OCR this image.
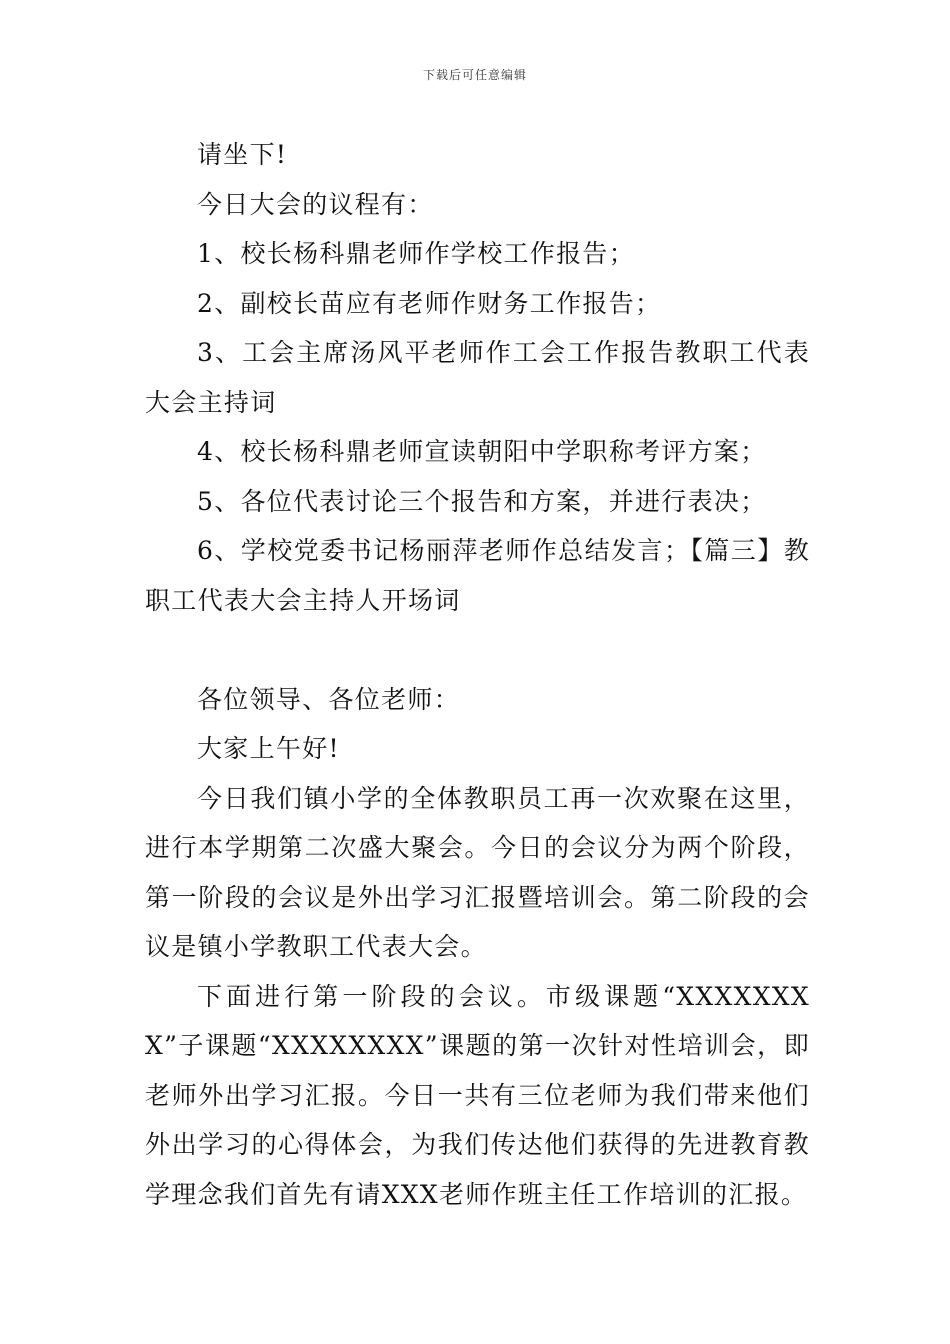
下载后可任意编辑

请坐下!

今日大会的议程有：

1、校长杨科鼎老师作学校工作报告；

2、副校长苗应有老师作财务工作报告；

3、工会主席汤风平老师作工会工作报告教职工代表大会主持词

4、校长杨科鼎老师宣读朝阳中学职称考评方案；

5、各位代表讨论三个报告和方案，并进行表决；

6、学校党委书记杨丽萍老师作总结发言；【篇三】教职工代表大会主持人开场词

各位领导、各位老师：

大家上午好!

今日我们镇小学的全体教职员工再一次欢聚在这里，进行本学期第二次盛大聚会。今日的会议分为两个阶段，第一阶段的会议是外出学习汇报暨培训会。第二阶段的会议是镇小学教职工代表大会。

下面进行第一阶段的会议。市级课题“XXXXXXXX”子课题“XXXXXXXX”课题的第一次针对性培训会，即老师外出学习汇报。今日一共有三位老师为我们带来他们外出学习的心得体会，为我们传达他们获得的先进教育教学理念我们首先有请XXX老师作班主任工作培训的汇报。
